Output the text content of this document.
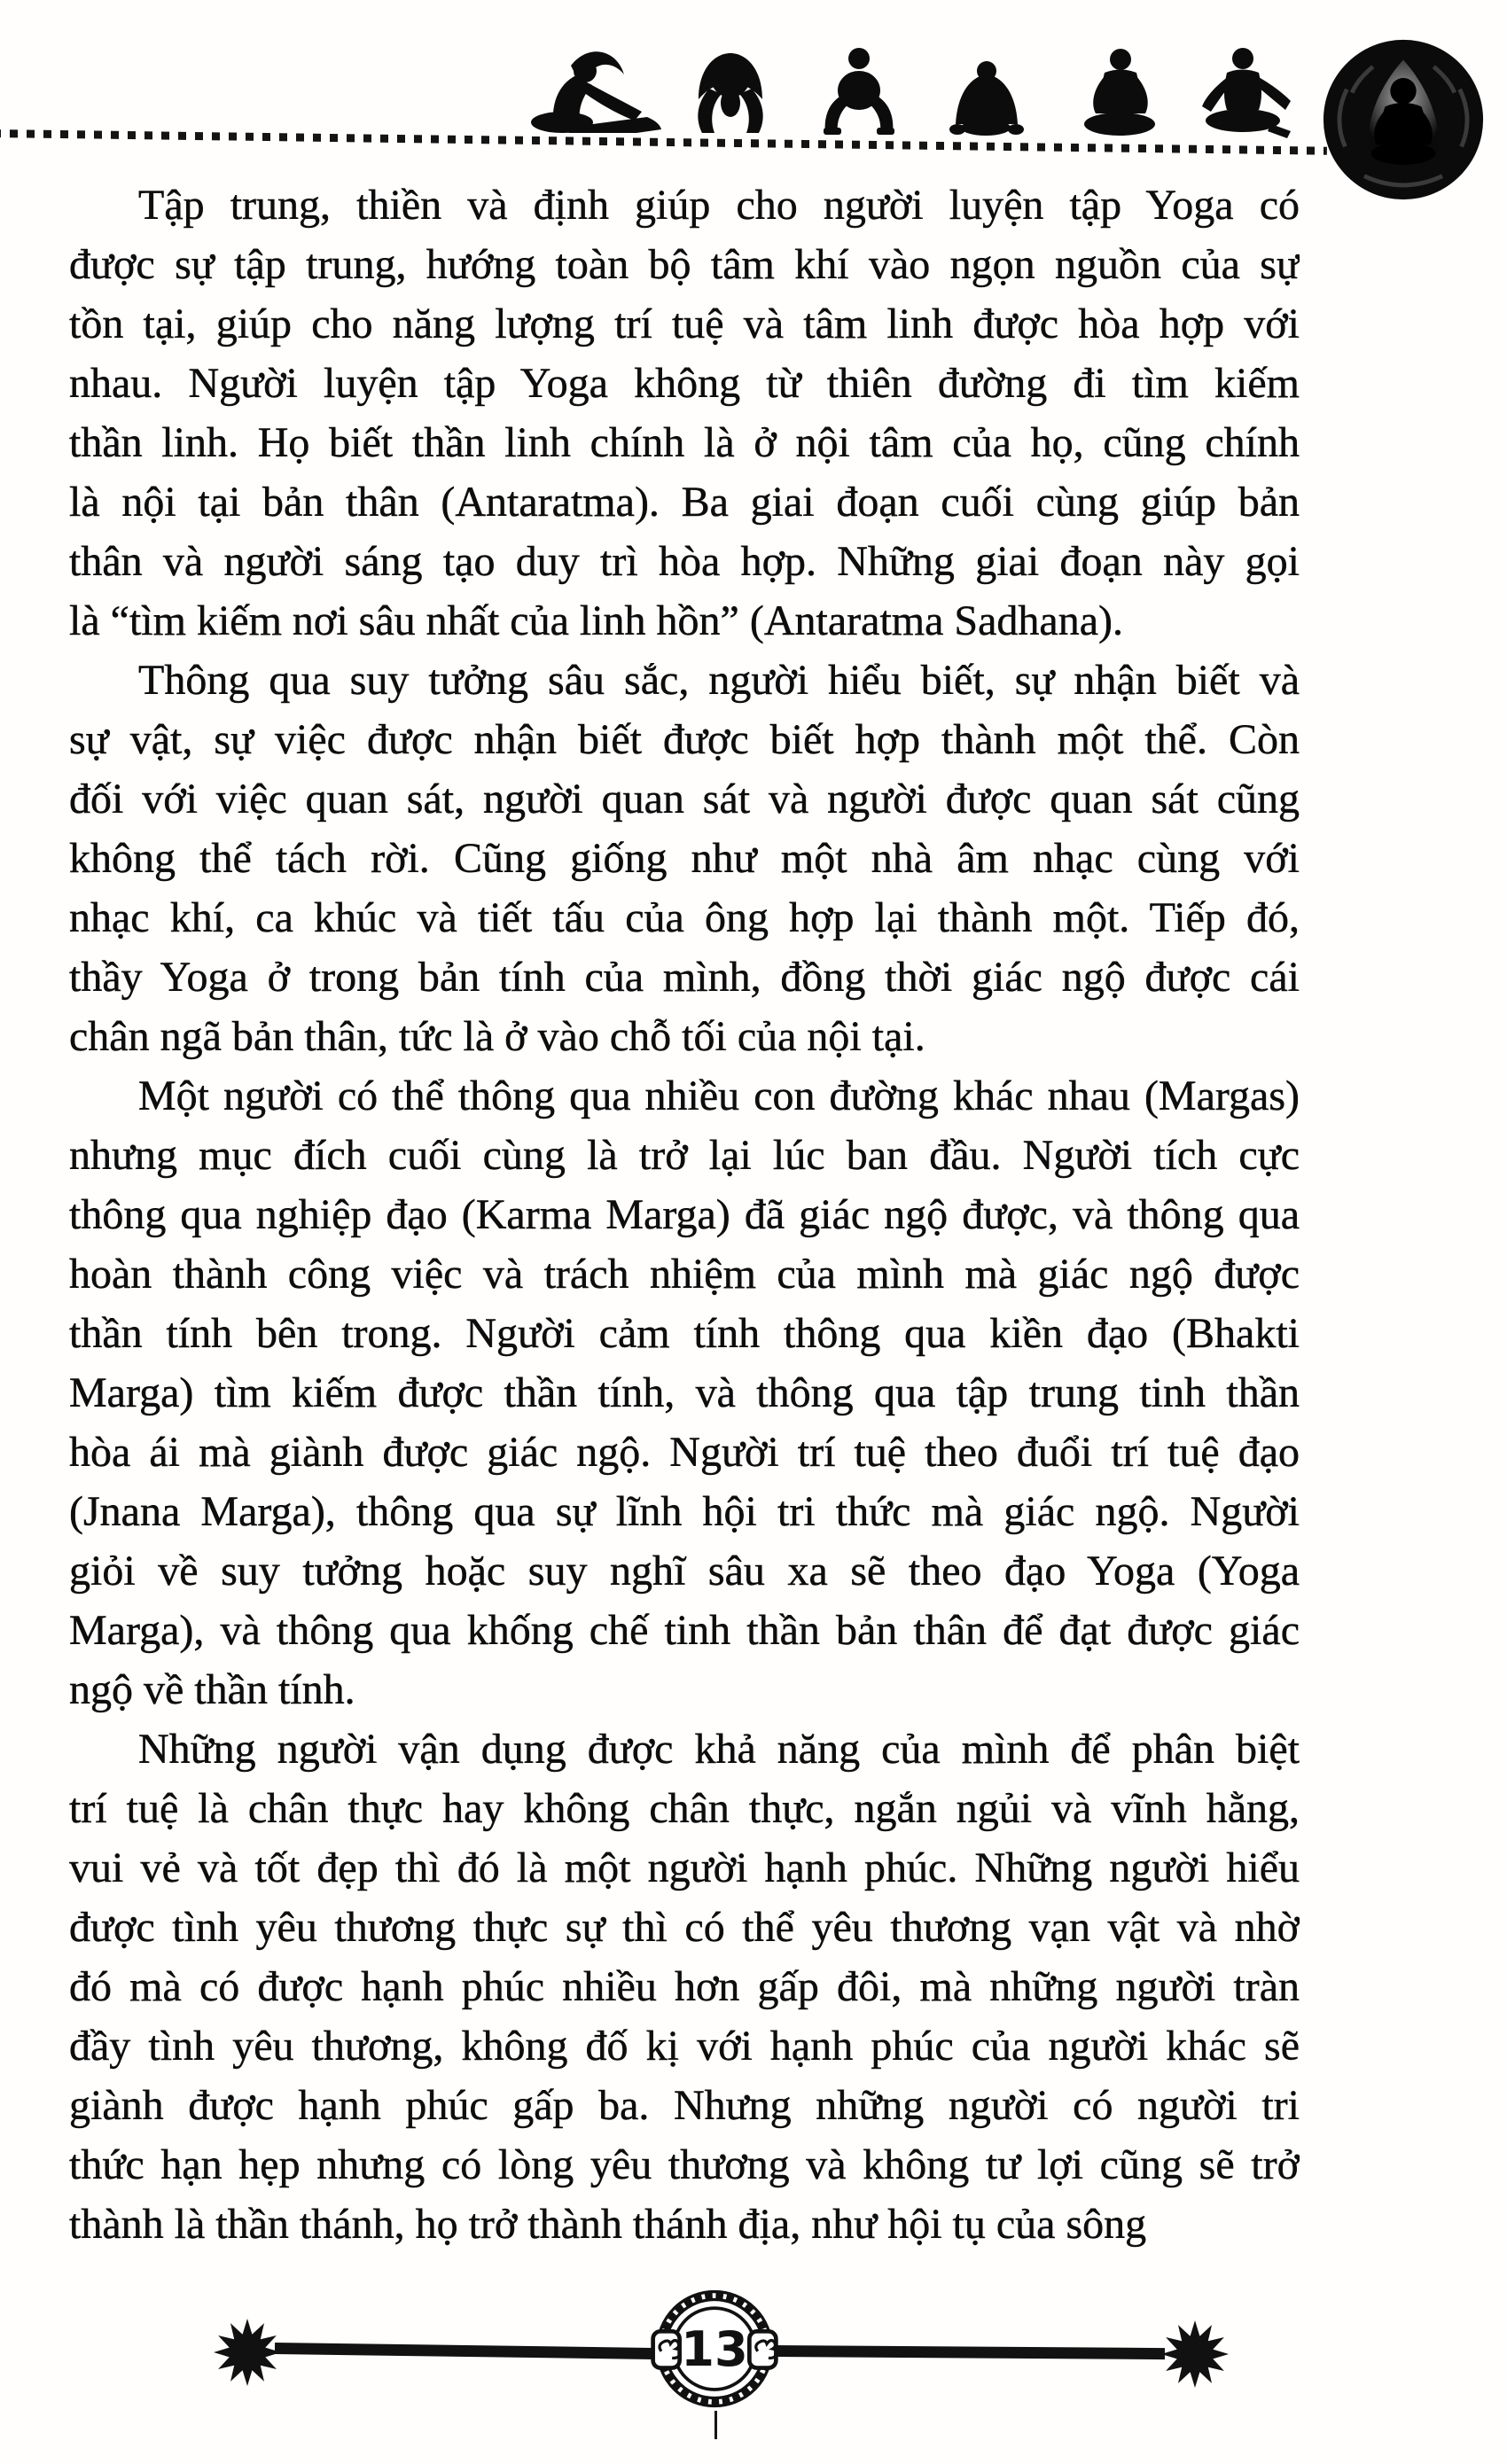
Tập trung, thiền và định giúp cho người luyện tập Yoga có
được sự tập trung, hướng toàn bộ tâm khí vào ngọn nguồn của sự
tồn tại, giúp cho năng lượng trí tuệ và tâm linh được hòa hợp với
nhau. Người luyện tập Yoga không từ thiên đường đi tìm kiếm
thần linh. Họ biết thần linh chính là ở nội tâm của họ, cũng chính
là nội tại bản thân (Antaratma). Ba giai đoạn cuối cùng giúp bản
thân và người sáng tạo duy trì hòa hợp. Những giai đoạn này gọi
là “tìm kiếm nơi sâu nhất của linh hồn” (Antaratma Sadhana).
Thông qua suy tưởng sâu sắc, người hiểu biết, sự nhận biết và
sự vật, sự việc được nhận biết được biết hợp thành một thể. Còn
đối với việc quan sát, người quan sát và người được quan sát cũng
không thể tách rời. Cũng giống như một nhà âm nhạc cùng với
nhạc khí, ca khúc và tiết tấu của ông hợp lại thành một. Tiếp đó,
thầy Yoga ở trong bản tính của mình, đồng thời giác ngộ được cái
chân ngã bản thân, tức là ở vào chỗ tối của nội tại.
Một người có thể thông qua nhiều con đường khác nhau (Margas)
nhưng mục đích cuối cùng là trở lại lúc ban đầu. Người tích cực
thông qua nghiệp đạo (Karma Marga) đã giác ngộ được, và thông qua
hoàn thành công việc và trách nhiệm của mình mà giác ngộ được
thần tính bên trong. Người cảm tính thông qua kiền đạo (Bhakti
Marga) tìm kiếm được thần tính, và thông qua tập trung tinh thần
hòa ái mà giành được giác ngộ. Người trí tuệ theo đuổi trí tuệ đạo
(Jnana Marga), thông qua sự lĩnh hội tri thức mà giác ngộ. Người
giỏi về suy tưởng hoặc suy nghĩ sâu xa sẽ theo đạo Yoga (Yoga
Marga), và thông qua khống chế tinh thần bản thân để đạt được giác
ngộ về thần tính.
Những người vận dụng được khả năng của mình để phân biệt
trí tuệ là chân thực hay không chân thực, ngắn ngủi và vĩnh hằng,
vui vẻ và tốt đẹp thì đó là một người hạnh phúc. Những người hiểu
được tình yêu thương thực sự thì có thể yêu thương vạn vật và nhờ
đó mà có được hạnh phúc nhiều hơn gấp đôi, mà những người tràn
đầy tình yêu thương, không đố kị với hạnh phúc của người khác sẽ
giành được hạnh phúc gấp ba. Nhưng những người có người tri
thức hạn hẹp nhưng có lòng yêu thương và không tư lợi cũng sẽ trở
thành là thần thánh, họ trở thành thánh địa, như hội tụ của sông
13
